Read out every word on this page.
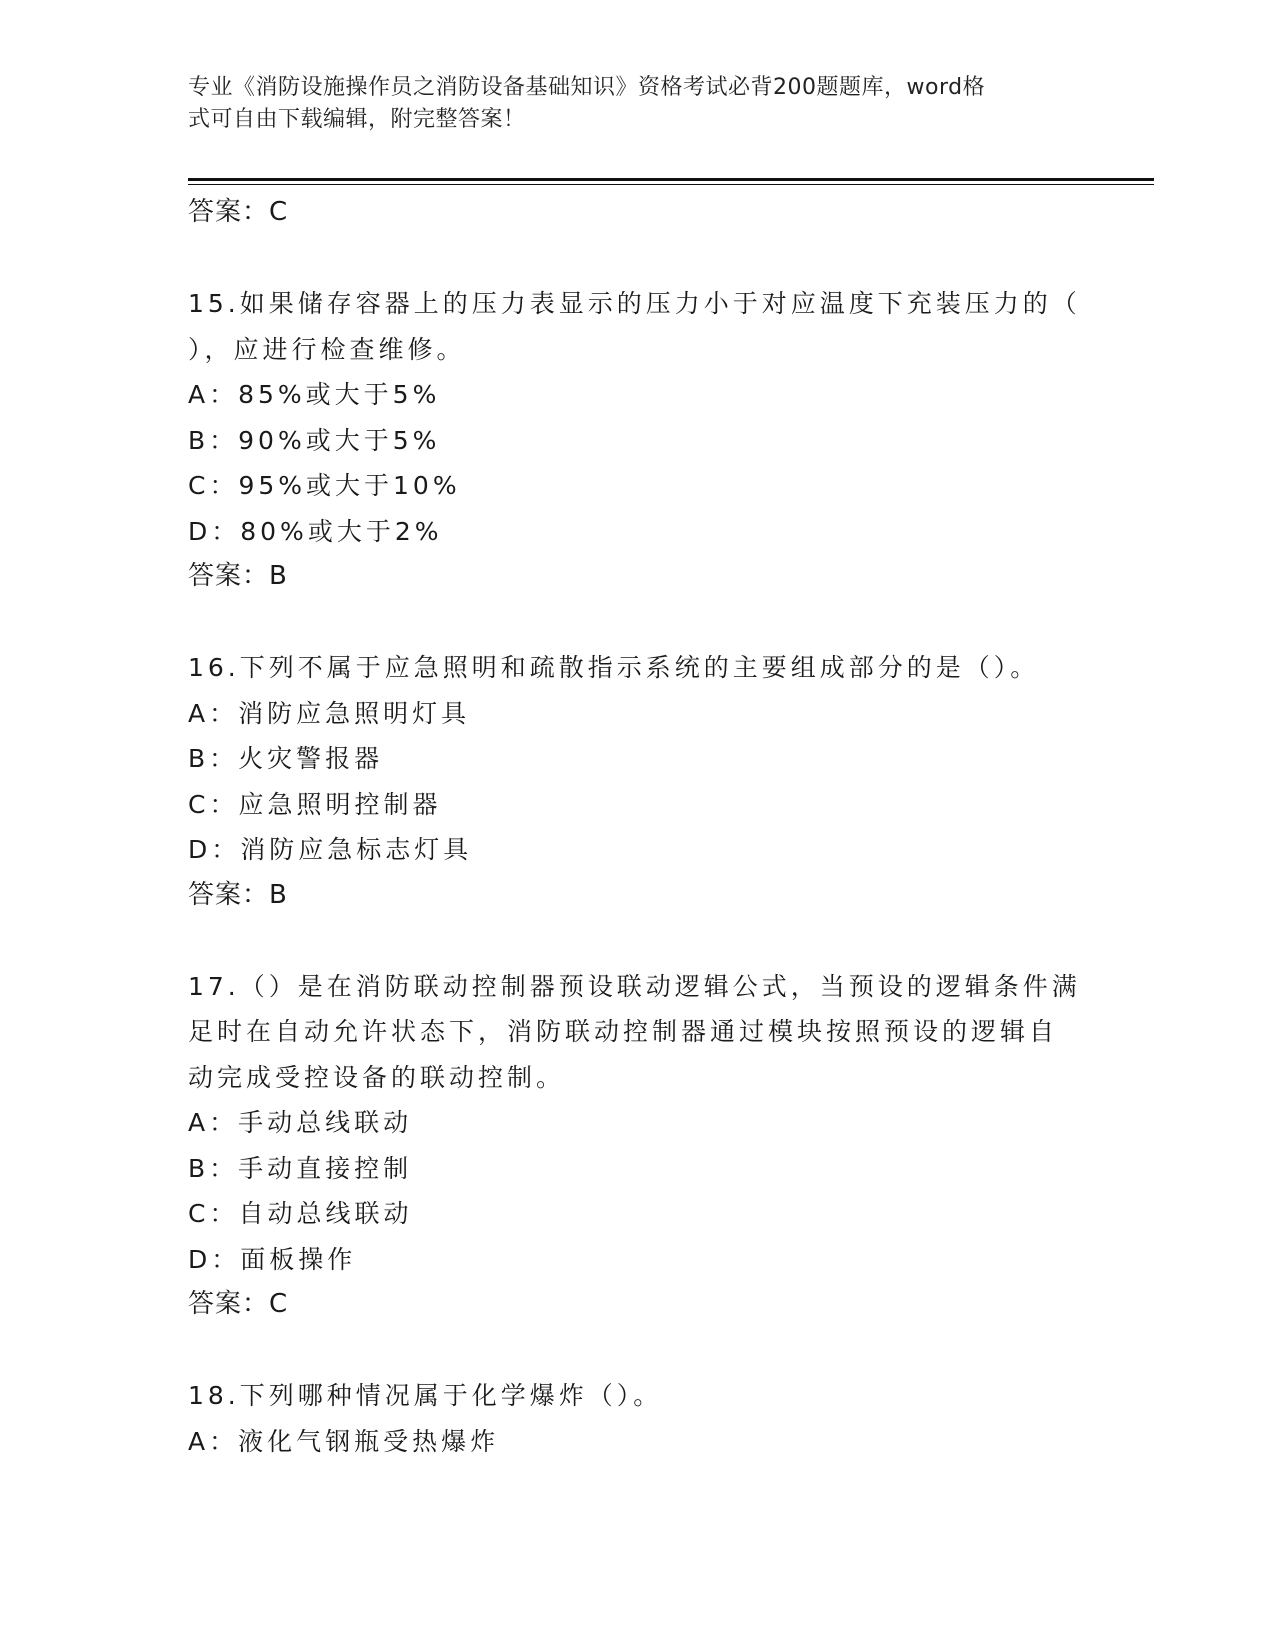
专业《消防设施操作员之消防设备基础知识》资格考试必背200题题库，word格
式可自由下载编辑，附完整答案！
答案：C
15.如果储存容器上的压力表显示的压力小于对应温度下充装压力的（
），应进行检查维修。
A：85%或大于5%
B：90%或大于5%
C：95%或大于10%
D：80%或大于2%
答案：B
16.下列不属于应急照明和疏散指示系统的主要组成部分的是（）。
A：消防应急照明灯具
B：火灾警报器
C：应急照明控制器
D：消防应急标志灯具
答案：B
17.（）是在消防联动控制器预设联动逻辑公式，当预设的逻辑条件满
足时在自动允许状态下，消防联动控制器通过模块按照预设的逻辑自
动完成受控设备的联动控制。
A：手动总线联动
B：手动直接控制
C：自动总线联动
D：面板操作
答案：C
18.下列哪种情况属于化学爆炸（）。
A：液化气钢瓶受热爆炸
